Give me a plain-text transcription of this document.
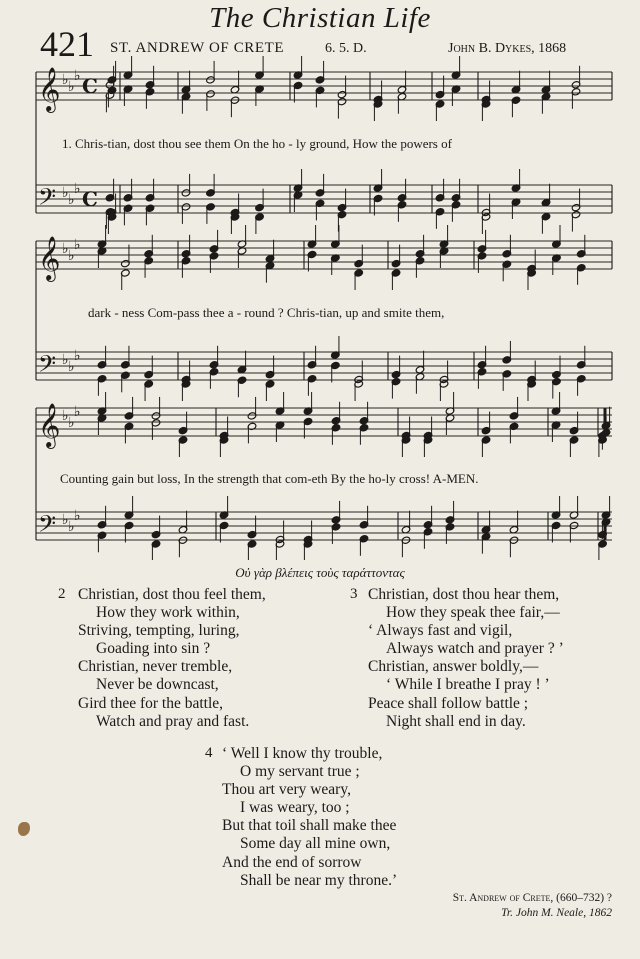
The Christian Life
421 ST. ANDREW OF CRETE	6. 5. D.	John B. Dykes, 1868
𝄞 ♭ ♭
♭ C
𝄢 ♭ ♭
♭ C
𝄞 ♭ ♭
♭
𝄢 ♭ ♭
♭
𝄞 ♭ ♭
♭
𝄢 ♭ ♭
♭
1. Chris-tian, dost thou see them On the ho - ly ground, How the powers of
dark - ness Com-pass thee a - round ? Chris-tian, up and smite them,
Counting gain but loss, In the strength that com-eth By the ho-ly cross! A-MEN.
Οὐ γὰρ βλέπεις τοὺς ταράττοντας
2 Christian, dost thou feel them,
How they work within,
Striving, tempting, luring,
Goading into sin ?
Christian, never tremble,
Never be downcast,
Gird thee for the battle,
Watch and pray and fast.
3 Christian, dost thou hear them,
How they speak thee fair,—
‘ Always fast and vigil,
Always watch and prayer ? ’
Christian, answer boldly,—
‘ While I breathe I pray ! ’
Peace shall follow battle ;
Night shall end in day.
4 ‘ Well I know thy trouble,
O my servant true ;
Thou art very weary,
I was weary, too ;
But that toil shall make thee
Some day all mine own,
And the end of sorrow
Shall be near my throne.’
St. Andrew of Crete, (660–732) ?
Tr. John M. Neale, 1862
